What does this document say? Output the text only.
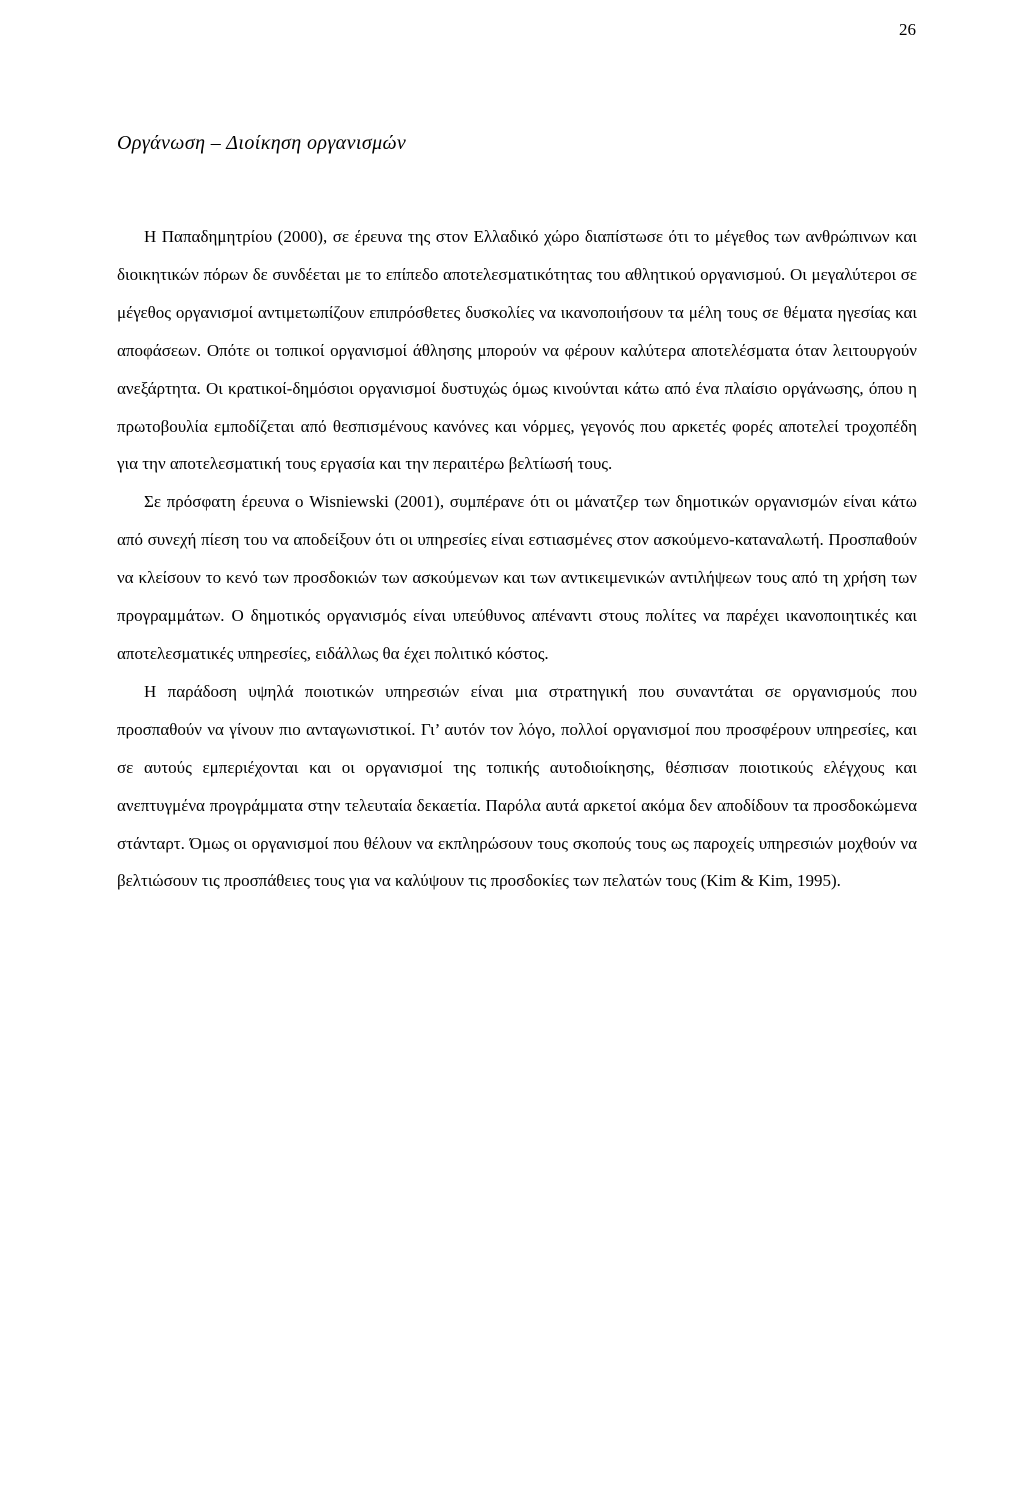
26
Οργάνωση – Διοίκηση οργανισμών

Η Παπαδημητρίου (2000), σε έρευνα της στον Ελλαδικό χώρο διαπίστωσε ότι το μέγεθος των ανθρώπινων και διοικητικών πόρων δε συνδέεται με το επίπεδο αποτελεσματικότητας του αθλητικού οργανισμού. Οι μεγαλύτεροι σε μέγεθος οργανισμοί αντιμετωπίζουν επιπρόσθετες δυσκολίες να ικανοποιήσουν τα μέλη τους σε θέματα ηγεσίας και αποφάσεων. Οπότε οι τοπικοί οργανισμοί άθλησης μπορούν να φέρουν καλύτερα αποτελέσματα όταν λειτουργούν ανεξάρτητα. Οι κρατικοί-δημόσιοι οργανισμοί δυστυχώς όμως κινούνται κάτω από ένα πλαίσιο οργάνωσης, όπου η πρωτοβουλία εμποδίζεται από θεσπισμένους κανόνες και νόρμες, γεγονός που αρκετές φορές αποτελεί τροχοπέδη για την αποτελεσματική τους εργασία και την περαιτέρω βελτίωσή τους.

Σε πρόσφατη έρευνα ο Wisniewski (2001), συμπέρανε ότι οι μάνατζερ των δημοτικών οργανισμών είναι κάτω από συνεχή πίεση του να αποδείξουν ότι οι υπηρεσίες είναι εστιασμένες στον ασκούμενο-καταναλωτή. Προσπαθούν να κλείσουν το κενό των προσδοκιών των ασκούμενων και των αντικειμενικών αντιλήψεων τους από τη χρήση των προγραμμάτων. Ο δημοτικός οργανισμός είναι υπεύθυνος απέναντι στους πολίτες να παρέχει ικανοποιητικές και αποτελεσματικές υπηρεσίες, ειδάλλως θα έχει πολιτικό κόστος.

Η παράδοση υψηλά ποιοτικών υπηρεσιών είναι μια στρατηγική που συναντάται σε οργανισμούς που προσπαθούν να γίνουν πιο ανταγωνιστικοί. Γι’ αυτόν τον λόγο, πολλοί οργανισμοί που προσφέρουν υπηρεσίες, και σε αυτούς εμπεριέχονται και οι οργανισμοί της τοπικής αυτοδιοίκησης, θέσπισαν ποιοτικούς ελέγχους και ανεπτυγμένα προγράμματα στην τελευταία δεκαετία. Παρόλα αυτά αρκετοί ακόμα δεν αποδίδουν τα προσδοκώμενα στάνταρτ. Όμως οι οργανισμοί που θέλουν να εκπληρώσουν τους σκοπούς τους ως παροχείς υπηρεσιών μοχθούν να βελτιώσουν τις προσπάθειες τους για να καλύψουν τις προσδοκίες των πελατών τους (Kim & Kim, 1995).
